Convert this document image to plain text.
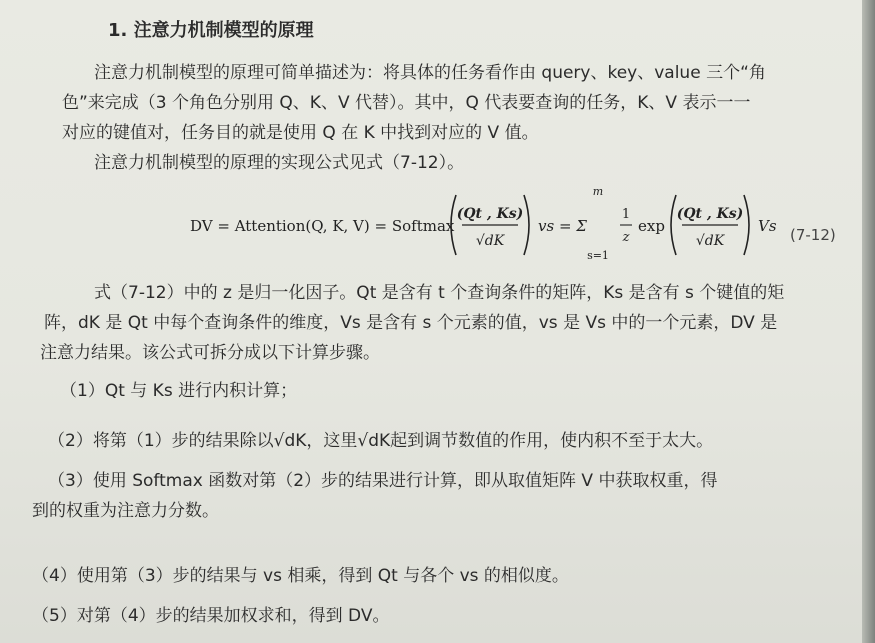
1. 注意力机制模型的原理
注意力机制模型的原理可简单描述为：将具体的任务看作由 query、key、value 三个“角
色”来完成（3 个角色分别用 Q、K、V 代替）。其中，Q 代表要查询的任务，K、V 表示一一
对应的键值对，任务目的就是使用 Q 在 K 中找到对应的 V 值。
注意力机制模型的原理的实现公式见式（7-12）。
DV = Attention(Q, K, V) = Softmax
(Qt , Ks)
√dK
vs = Σ
m
s=1
1
z
exp
(Qt , Ks)
√dK
Vs (7-12)
式（7-12）中的 z 是归一化因子。Qt 是含有 t 个查询条件的矩阵，Ks 是含有 s 个键值的矩
阵，dK 是 Qt 中每个查询条件的维度，Vs 是含有 s 个元素的值，vs 是 Vs 中的一个元素，DV 是
注意力结果。该公式可拆分成以下计算步骤。
（1）Qt 与 Ks 进行内积计算；
（2）将第（1）步的结果除以√dK，这里√dK起到调节数值的作用，使内积不至于太大。
（3）使用 Softmax 函数对第（2）步的结果进行计算，即从取值矩阵 V 中获取权重，得
到的权重为注意力分数。
（4）使用第（3）步的结果与 vs 相乘，得到 Qt 与各个 vs 的相似度。
（5）对第（4）步的结果加权求和，得到 DV。
